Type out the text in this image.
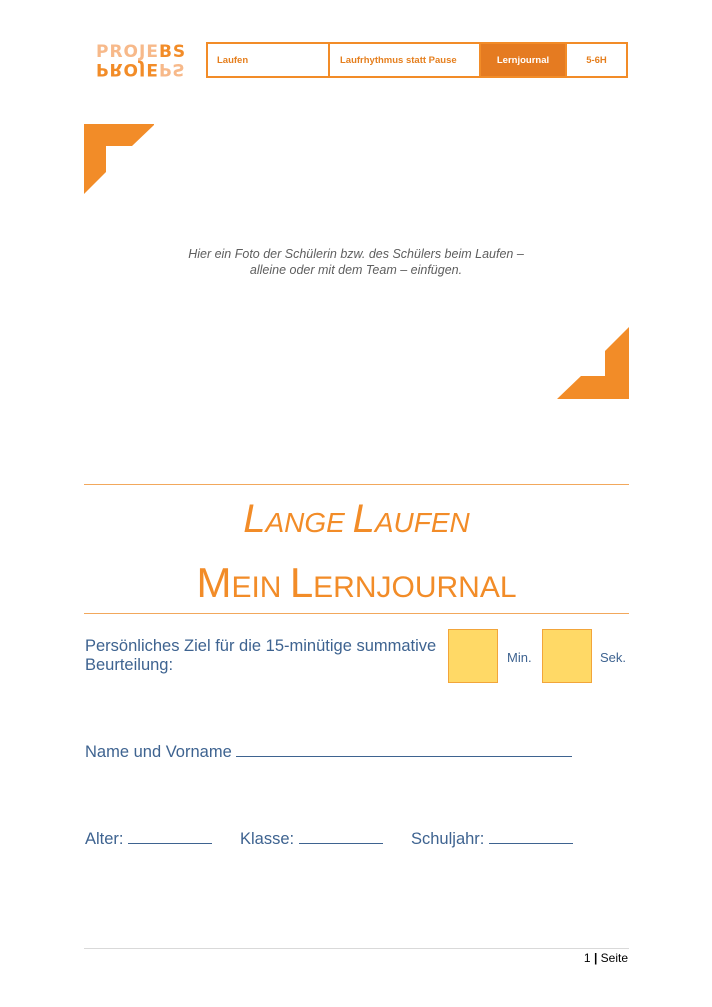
PROJEBS
PROJEPS	Laufen	Laufrhythmus statt Pause	Lernjournal	5-6H
Hier ein Foto der Schülerin bzw. des Schülers beim Laufen –
alleine oder mit dem Team – einfügen.
LANGE LAUFEN
MEIN LERNJOURNAL
Persönliches Ziel für die 15-minütige summative Beurteilung:	Min.	Sek.
Name und Vorname
Alter:	Klasse:	Schuljahr:
1 | Seite
